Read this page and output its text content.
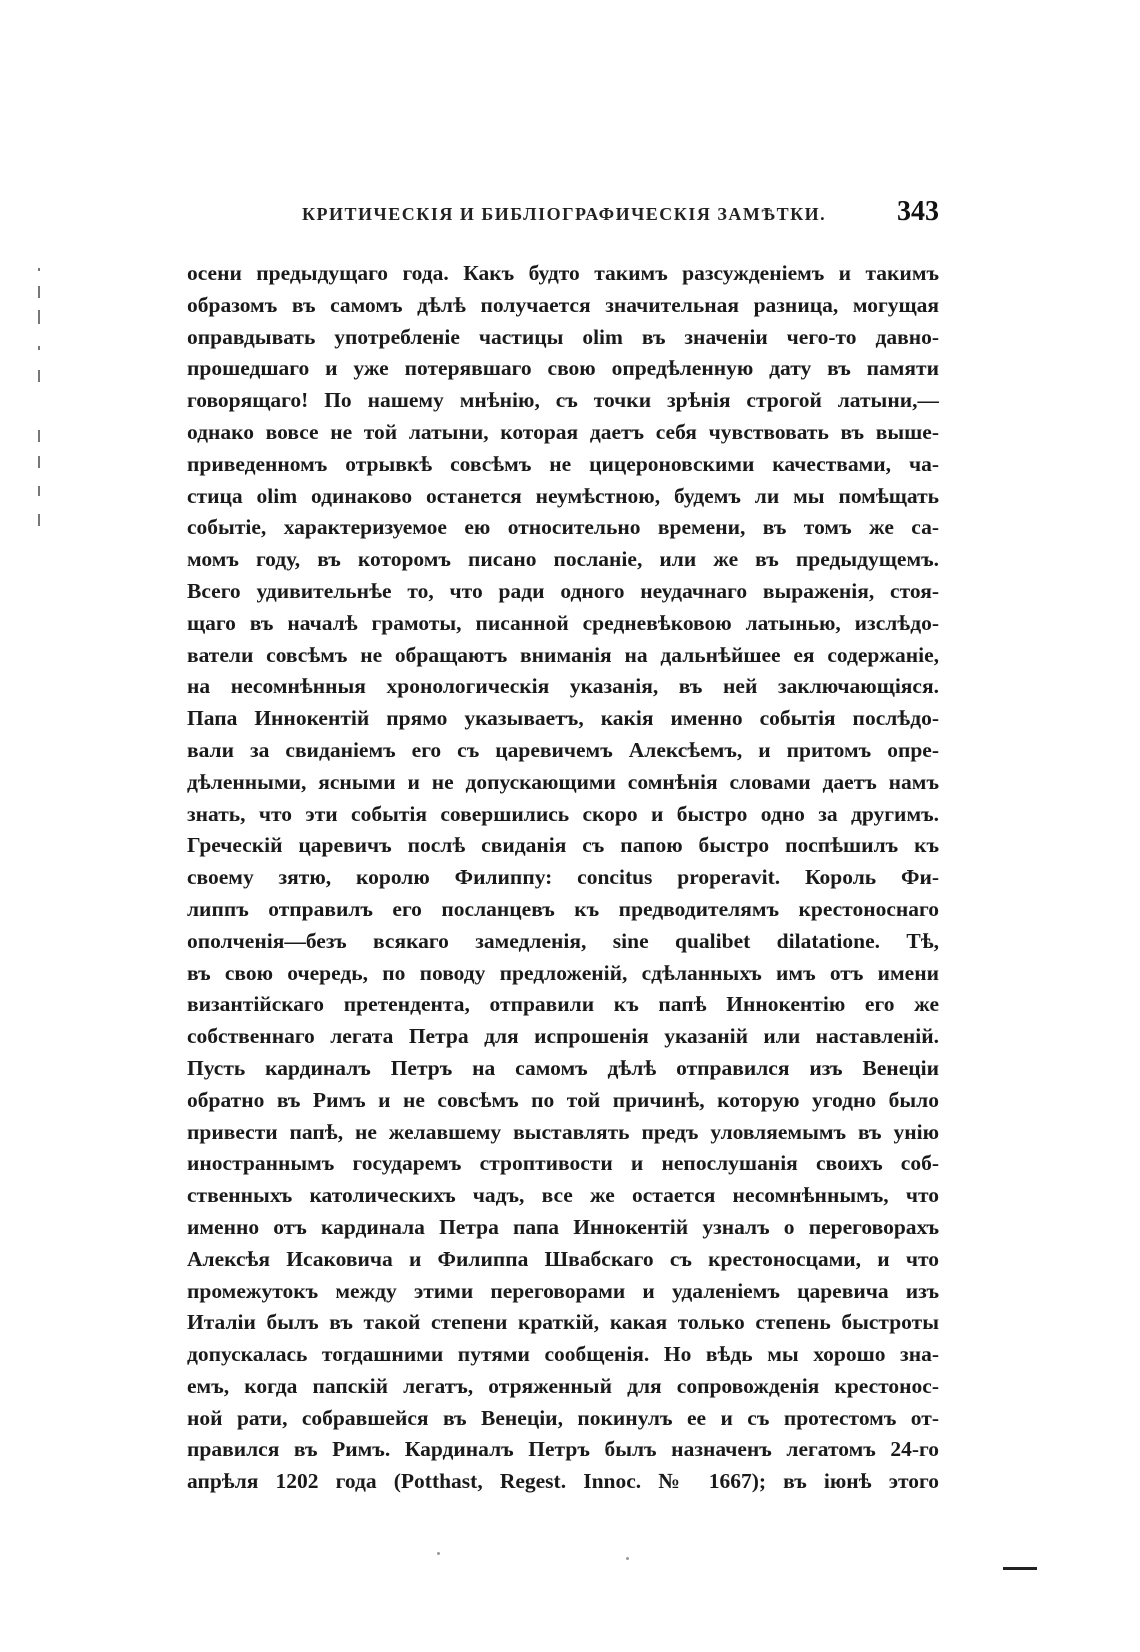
КРИТИЧЕСКІЯ И БИБЛІОГРАФИЧЕСКІЯ ЗАМѢТКИ.	343
осени предыдущаго года. Какъ будто такимъ разсужденіемъ и такимъ
образомъ въ самомъ дѣлѣ получается значительная разница, могущая
оправдывать употребленіе частицы olim въ значеніи чего-то давно-
прошедшаго и уже потерявшаго свою опредѣленную дату въ памяти
говорящаго! По нашему мнѣнію, съ точки зрѣнія строгой латыни,—
однако вовсе не той латыни, которая даетъ себя чувствовать въ выше-
приведенномъ отрывкѣ совсѣмъ не цицероновскими качествами, ча-
стица olim одинаково останется неумѣстною, будемъ ли мы помѣщать
событіе, характеризуемое ею относительно времени, въ томъ же са-
момъ году, въ которомъ писано посланіе, или же въ предыдущемъ.
Всего удивительнѣе то, что ради одного неудачнаго выраженія, стоя-
щаго въ началѣ грамоты, писанной средневѣковою латынью, изслѣдо-
ватели совсѣмъ не обращаютъ вниманія на дальнѣйшее ея содержаніе,
на несомнѣнныя хронологическія указанія, въ ней заключающіяся.
Папа Иннокентій прямо указываетъ, какія именно событія послѣдо-
вали за свиданіемъ его съ царевичемъ Алексѣемъ, и притомъ опре-
дѣленными, ясными и не допускающими сомнѣнія словами даетъ намъ
знать, что эти событія совершились скоро и быстро одно за другимъ.
Греческій царевичъ послѣ свиданія съ папою быстро поспѣшилъ къ
своему зятю, королю Филиппу: concitus properavit. Король Фи-
липпъ отправилъ его посланцевъ къ предводителямъ крестоноснаго
ополченія—безъ всякаго замедленія, sine qualibet dilatatione. Тѣ,
въ свою очередь, по поводу предложеній, сдѣланныхъ имъ отъ имени
византійскаго претендента, отправили къ папѣ Иннокентію его же
собственнаго легата Петра для испрошенія указаній или наставленій.
Пусть кардиналъ Петръ на самомъ дѣлѣ отправился изъ Венеціи
обратно въ Римъ и не совсѣмъ по той причинѣ, которую угодно было
привести папѣ, не желавшему выставлять предъ уловляемымъ въ унію
иностраннымъ государемъ строптивости и непослушанія своихъ соб-
ственныхъ католическихъ чадъ, все же остается несомнѣннымъ, что
именно отъ кардинала Петра папа Иннокентій узналъ о переговорахъ
Алексѣя Исаковича и Филиппа Швабскаго съ крестоносцами, и что
промежутокъ между этими переговорами и удаленіемъ царевича изъ
Италіи былъ въ такой степени краткій, какая только степень быстроты
допускалась тогдашними путями сообщенія. Но вѣдь мы хорошо зна-
емъ, когда папскій легатъ, отряженный для сопровожденія крестонос-
ной рати, собравшейся въ Венеціи, покинулъ ее и съ протестомъ от-
правился въ Римъ. Кардиналъ Петръ былъ назначенъ легатомъ 24-го
апрѣля 1202 года (Potthast, Regest. Innoc. № 1667); въ іюнѣ этого
